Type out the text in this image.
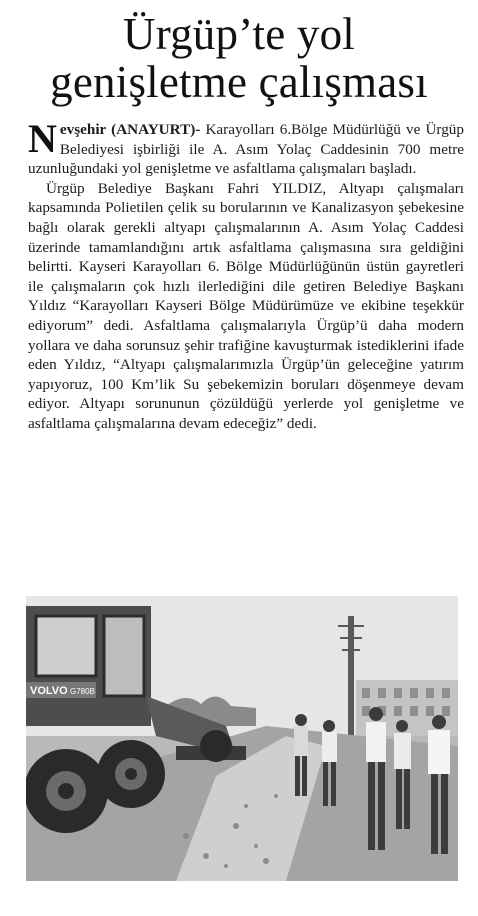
Ürgüp’te yol
genişletme çalışması

Nevşehir (ANAYURT)- Karayolları 6.Bölge Müdürlüğü ve Ürgüp Belediyesi işbirliği ile A. Asım Yolaç Caddesinin 700 metre uzunluğundaki yol genişletme ve asfaltlama çalışmaları başladı.

Ürgüp Belediye Başkanı Fahri YILDIZ, Altyapı çalışmaları kapsamında Polietilen çelik su borularının ve Kanalizasyon şebekesine bağlı olarak gerekli altyapı çalışmalarının A. Asım Yolaç Caddesi üzerinde tamamlandığını artık asfaltlama çalışmasına sıra geldiğini belirtti. Kayseri Karayolları 6. Bölge Müdürlüğünün üstün gayretleri ile çalışmaların çok hızlı ilerlediğini dile getiren Belediye Başkanı Yıldız “Karayolları Kayseri Bölge Müdürümüze ve ekibine teşekkür ediyorum” dedi. Asfaltlama çalışmalarıyla Ürgüp’ü daha modern yollara ve daha sorunsuz şehir trafiğine kavuşturmak istediklerini ifade eden Yıldız, “Altyapı çalışmalarımızla Ürgüp’ün geleceğine yatırım yapıyoruz, 100 Km’lik Su şebekemizin boruları döşenmeye devam ediyor. Altyapı sorununun çözüldüğü yerlerde yol genişletme ve asfaltlama çalışmalarına devam edeceğiz” dedi.

VOLVO G780B
